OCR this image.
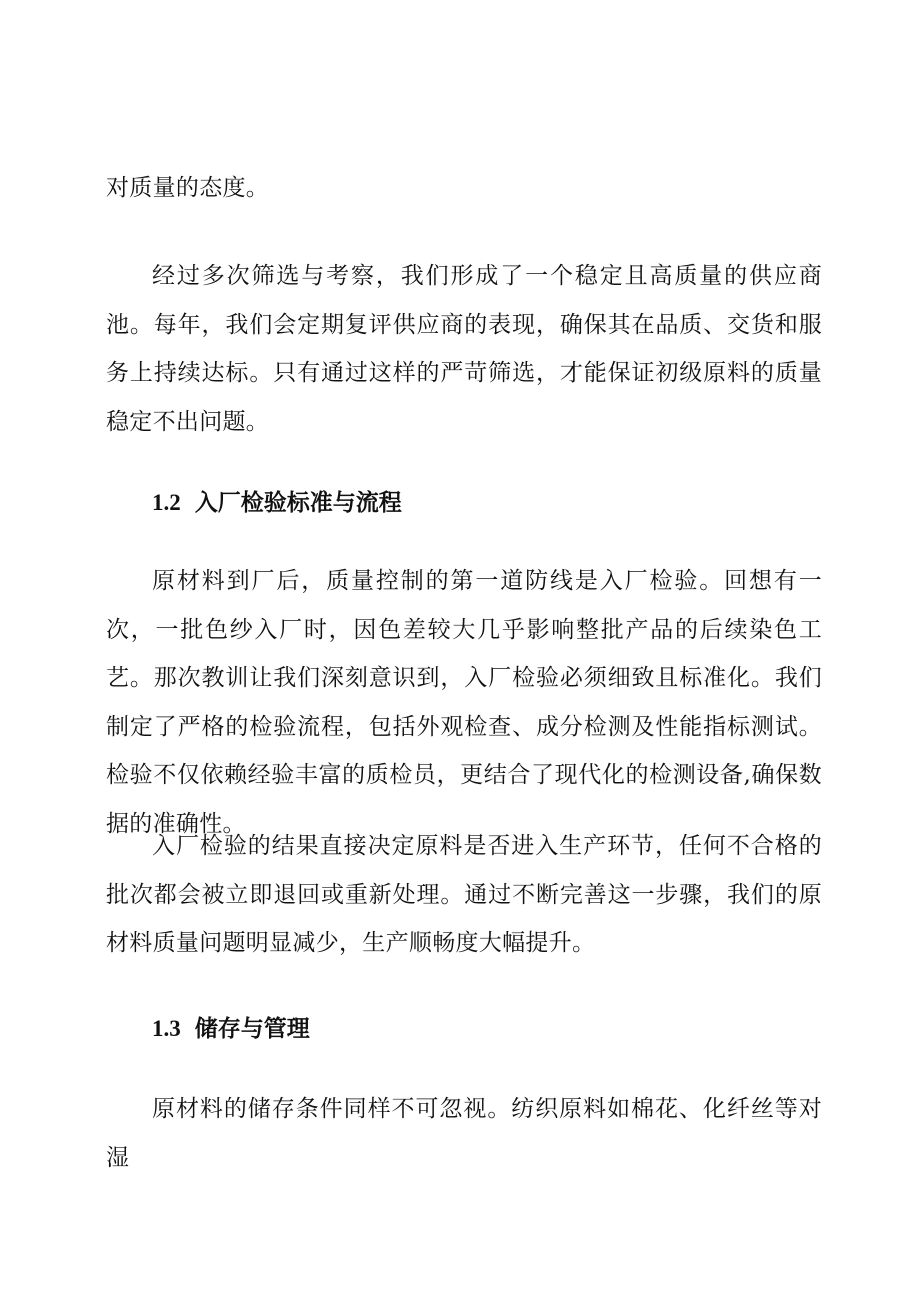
对质量的态度。

经过多次筛选与考察，我们形成了一个稳定且高质量的供应商池。每年，我们会定期复评供应商的表现，确保其在品质、交货和服务上持续达标。只有通过这样的严苛筛选，才能保证初级原料的质量稳定不出问题。

1.2 入厂检验标准与流程

原材料到厂后，质量控制的第一道防线是入厂检验。回想有一次，一批色纱入厂时，因色差较大几乎影响整批产品的后续染色工艺。那次教训让我们深刻意识到，入厂检验必须细致且标准化。我们制定了严格的检验流程，包括外观检查、成分检测及性能指标测试。检验不仅依赖经验丰富的质检员，更结合了现代化的检测设备,确保数据的准确性。

入厂检验的结果直接决定原料是否进入生产环节，任何不合格的批次都会被立即退回或重新处理。通过不断完善这一步骤，我们的原材料质量问题明显减少，生产顺畅度大幅提升。

1.3 储存与管理

原材料的储存条件同样不可忽视。纺织原料如棉花、化纤丝等对湿
